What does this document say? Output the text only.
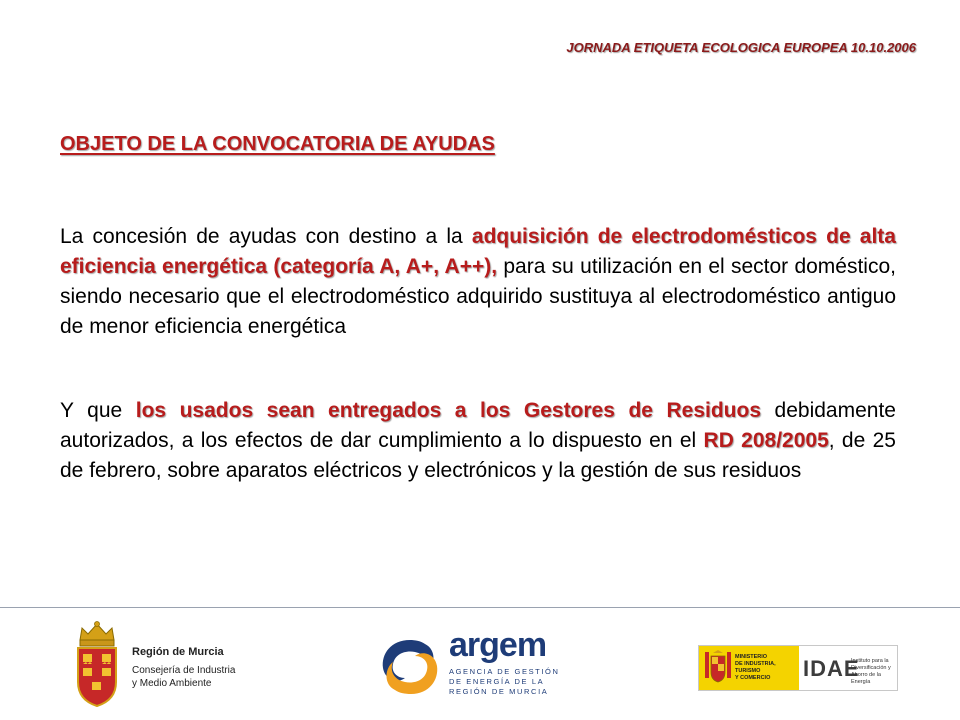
JORNADA ETIQUETA ECOLOGICA EUROPEA 10.10.2006
OBJETO DE LA CONVOCATORIA DE AYUDAS
La concesión de ayudas con destino a la adquisición de electrodomésticos de alta eficiencia energética (categoría A, A+, A++), para su utilización en el sector doméstico, siendo necesario que el electrodoméstico adquirido sustituya al electrodoméstico antiguo de menor eficiencia energética
Y que los usados sean entregados a los Gestores de Residuos debidamente autorizados, a los efectos de dar cumplimiento a lo dispuesto en el RD 208/2005, de 25 de febrero, sobre aparatos eléctricos y electrónicos y la gestión de sus residuos
Región de Murcia
Consejería de Industria
y Medio Ambiente
argem
AGENCIA DE GESTIÓN
DE ENERGÍA DE LA
REGIÓN DE MURCIA
MINISTERIO
DE INDUSTRIA, TURISMO
Y COMERCIO	IDAE
Instituto para la Diversificación y Ahorro de la Energía
